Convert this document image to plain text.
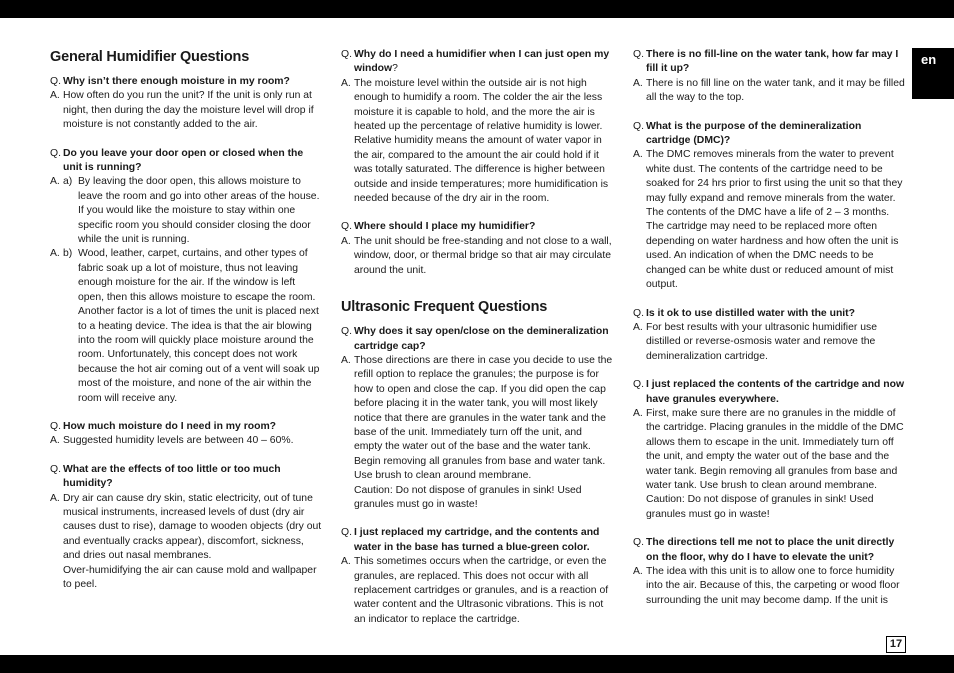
en
General Humidifier Questions
Q. Why isn’t there enough moisture in my room?
A. How often do you run the unit? If the unit is only run at night, then during the day the moisture level will drop if moisture is not constantly added to the air.
Q. Do you leave your door open or closed when the unit is running?
A. a) By leaving the door open, this allows moisture to leave the room and go into other areas of the house. If you would like the moisture to stay within one specific room you should consider closing the door while the unit is running.
A. b) Wood, leather, carpet, curtains, and other types of fabric soak up a lot of moisture, thus not leaving enough moisture for the air. If the window is left open, then this allows moisture to escape the room. Another factor is a lot of times the unit is placed next to a heating device. The idea is that the air blowing into the room will quickly place moisture around the room. Unfortunately, this concept does not work because the hot air coming out of a vent will soak up most of the moisture, and none of the air within the room will receive any.
Q. How much moisture do I need in my room?
A. Suggested humidity levels are between 40 – 60%.
Q. What are the effects of too little or too much humidity?
A. Dry air can cause dry skin, static electricity, out of tune musical instruments, increased levels of dust (dry air causes dust to rise), damage to wooden objects (dry out and eventually cracks appear), discomfort, sickness, and dries out nasal membranes.
Over-humidifying the air can cause mold and wallpaper to peel.
Q. Why do I need a humidifier when I can just open my window?
A. The moisture level within the outside air is not high enough to humidify a room. The colder the air the less moisture it is capable to hold, and the more the air is heated up the percentage of relative humidity is lower. Relative humidity means the amount of water vapor in the air, compared to the amount the air could hold if it was totally saturated. The difference is higher between outside and inside temperatures; more humidification is needed because of the dry air in the room.
Q. Where should I place my humidifier?
A. The unit should be free-standing and not close to a wall, window, door, or thermal bridge so that air may circulate around the unit.
Ultrasonic Frequent Questions
Q. Why does it say open/close on the demineralization cartridge cap?
A. Those directions are there in case you decide to use the refill option to replace the granules; the purpose is for how to open and close the cap. If you did open the cap before placing it in the water tank, you will most likely notice that there are granules in the water tank and the base of the unit. Immediately turn off the unit, and empty the water out of the base and the water tank. Begin removing all granules from base and water tank. Use brush to clean around membrane.
Caution: Do not dispose of granules in sink! Used granules must go in waste!
Q. I just replaced my cartridge, and the contents and water in the base has turned a blue-green color.
A. This sometimes occurs when the cartridge, or even the granules, are replaced. This does not occur with all replacement cartridges or granules, and is a reaction of water content and the Ultrasonic vibrations. This is not an indicator to replace the cartridge.
Q. There is no fill-line on the water tank, how far may I fill it up?
A. There is no fill line on the water tank, and it may be filled all the way to the top.
Q. What is the purpose of the demineralization cartridge (DMC)?
A. The DMC removes minerals from the water to prevent white dust. The contents of the cartridge need to be soaked for 24 hrs prior to first using the unit so that they may fully expand and remove minerals from the water. The contents of the DMC have a life of 2 – 3 months. The cartridge may need to be replaced more often depending on water hardness and how often the unit is used. An indication of when the DMC needs to be changed can be white dust or reduced amount of mist output.
Q. Is it ok to use distilled water with the unit?
A. For best results with your ultrasonic humidifier use distilled or reverse-osmosis water and remove the demineralization cartridge.
Q. I just replaced the contents of the cartridge and now have granules everywhere.
A. First, make sure there are no granules in the middle of the cartridge. Placing granules in the middle of the DMC allows them to escape in the unit. Immediately turn off the unit, and empty the water out of the base and the water tank. Begin removing all granules from base and water tank. Use brush to clean around membrane.
Caution: Do not dispose of granules in sink! Used granules must go in waste!
Q. The directions tell me not to place the unit directly on the floor, why do I have to elevate the unit?
A. The idea with this unit is to allow one to force humidity into the air. Because of this, the carpeting or wood floor surrounding the unit may become damp. If the unit is
17
